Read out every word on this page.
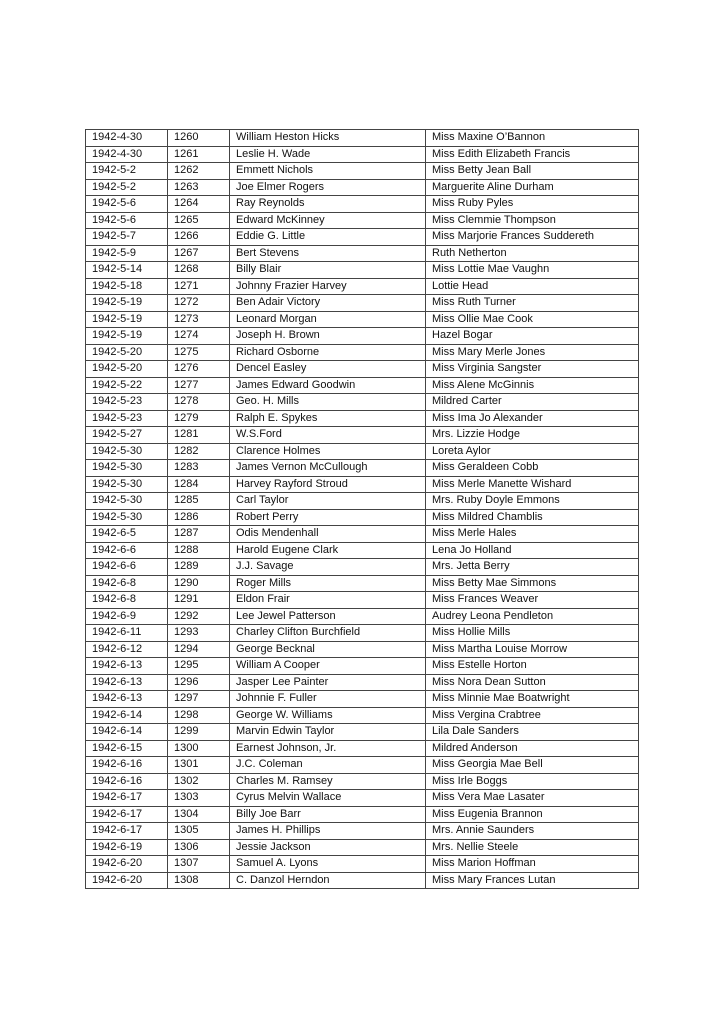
1942-4-30	1260	William Heston Hicks	Miss Maxine O’Bannon
1942-4-30	1261	Leslie H. Wade	Miss Edith Elizabeth Francis
1942-5-2	1262	Emmett Nichols	Miss Betty Jean Ball
1942-5-2	1263	Joe Elmer Rogers	Marguerite Aline Durham
1942-5-6	1264	Ray Reynolds	Miss Ruby Pyles
1942-5-6	1265	Edward McKinney	Miss Clemmie Thompson
1942-5-7	1266	Eddie G. Little	Miss Marjorie Frances Suddereth
1942-5-9	1267	Bert Stevens	Ruth Netherton
1942-5-14	1268	Billy Blair	Miss Lottie Mae Vaughn
1942-5-18	1271	Johnny Frazier Harvey	Lottie Head
1942-5-19	1272	Ben Adair Victory	Miss Ruth Turner
1942-5-19	1273	Leonard Morgan	Miss Ollie Mae Cook
1942-5-19	1274	Joseph H. Brown	Hazel Bogar
1942-5-20	1275	Richard Osborne	Miss Mary Merle Jones
1942-5-20	1276	Dencel Easley	Miss Virginia Sangster
1942-5-22	1277	James Edward Goodwin	Miss Alene McGinnis
1942-5-23	1278	Geo. H. Mills	Mildred Carter
1942-5-23	1279	Ralph E. Spykes	Miss Ima Jo Alexander
1942-5-27	1281	W.S.Ford	Mrs. Lizzie Hodge
1942-5-30	1282	Clarence Holmes	Loreta Aylor
1942-5-30	1283	James Vernon McCullough	Miss Geraldeen Cobb
1942-5-30	1284	Harvey Rayford Stroud	Miss Merle Manette Wishard
1942-5-30	1285	Carl Taylor	Mrs. Ruby Doyle Emmons
1942-5-30	1286	Robert Perry	Miss Mildred Chamblis
1942-6-5	1287	Odis Mendenhall	Miss Merle Hales
1942-6-6	1288	Harold Eugene Clark	Lena Jo Holland
1942-6-6	1289	J.J. Savage	Mrs. Jetta Berry
1942-6-8	1290	Roger Mills	Miss Betty Mae Simmons
1942-6-8	1291	Eldon Frair	Miss Frances Weaver
1942-6-9	1292	Lee Jewel Patterson	Audrey Leona Pendleton
1942-6-11	1293	Charley Clifton Burchfield	Miss Hollie Mills
1942-6-12	1294	George Becknal	Miss Martha Louise Morrow
1942-6-13	1295	William A Cooper	Miss Estelle Horton
1942-6-13	1296	Jasper Lee Painter	Miss Nora Dean Sutton
1942-6-13	1297	Johnnie F. Fuller	Miss Minnie Mae Boatwright
1942-6-14	1298	George W. Williams	Miss Vergina Crabtree
1942-6-14	1299	Marvin Edwin Taylor	Lila Dale Sanders
1942-6-15	1300	Earnest Johnson, Jr.	Mildred Anderson
1942-6-16	1301	J.C. Coleman	Miss Georgia Mae Bell
1942-6-16	1302	Charles M. Ramsey	Miss Irle Boggs
1942-6-17	1303	Cyrus Melvin Wallace	Miss Vera Mae Lasater
1942-6-17	1304	Billy Joe Barr	Miss Eugenia Brannon
1942-6-17	1305	James H. Phillips	Mrs. Annie Saunders
1942-6-19	1306	Jessie Jackson	Mrs. Nellie Steele
1942-6-20	1307	Samuel A. Lyons	Miss Marion Hoffman
1942-6-20	1308	C. Danzol Herndon	Miss Mary Frances Lutan
